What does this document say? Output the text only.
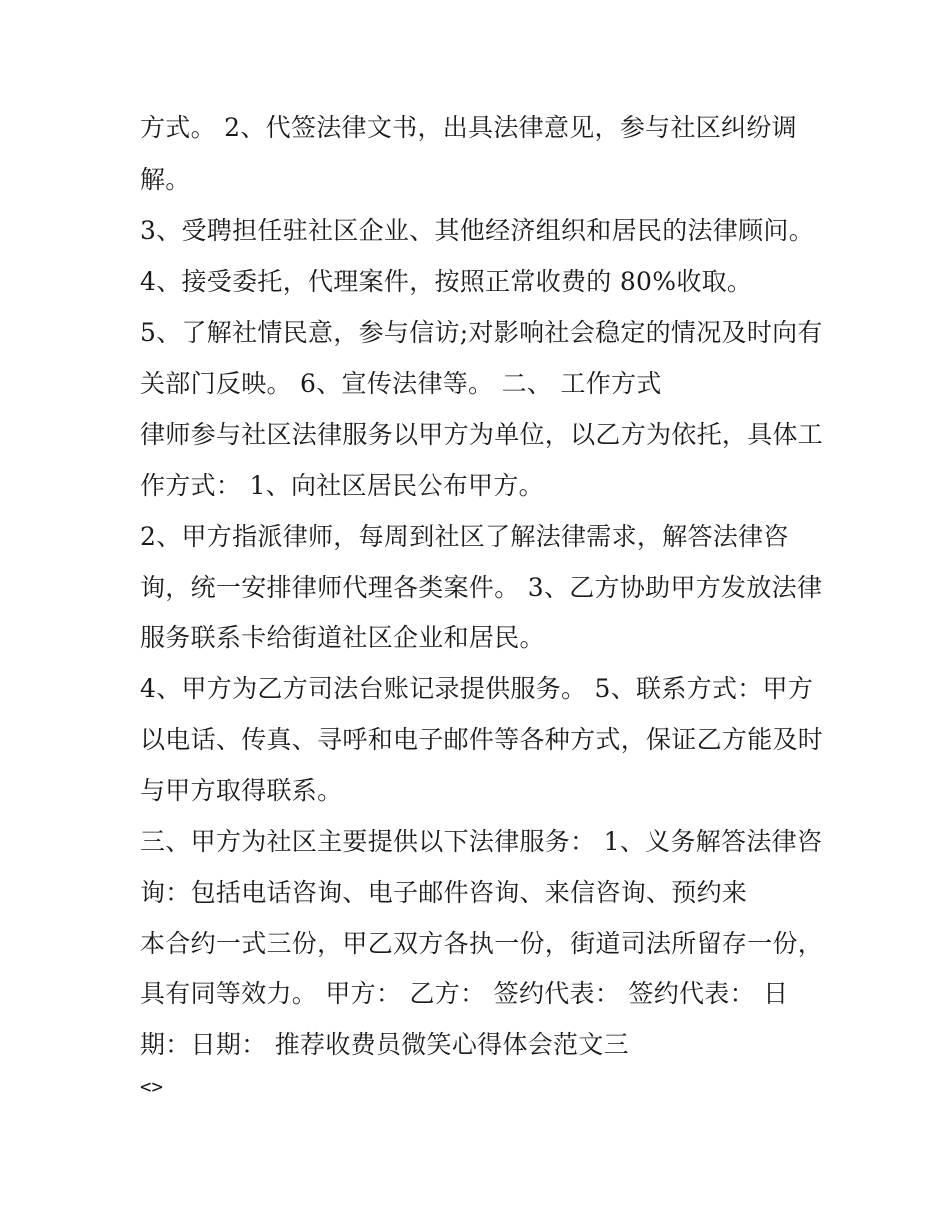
方式。 2、代签法律文书，出具法律意见，参与社区纠纷调
解。
3、受聘担任驻社区企业、其他经济组织和居民的法律顾问。
4、接受委托，代理案件，按照正常收费的 80%收取。
5、了解社情民意，参与信访;对影响社会稳定的情况及时向有
关部门反映。 6、宣传法律等。 二、 工作方式
律师参与社区法律服务以甲方为单位，以乙方为依托，具体工
作方式： 1、向社区居民公布甲方。
2、甲方指派律师，每周到社区了解法律需求，解答法律咨
询，统一安排律师代理各类案件。 3、乙方协助甲方发放法律
服务联系卡给街道社区企业和居民。
4、甲方为乙方司法台账记录提供服务。 5、联系方式：甲方
以电话、传真、寻呼和电子邮件等各种方式，保证乙方能及时
与甲方取得联系。
三、甲方为社区主要提供以下法律服务： 1、义务解答法律咨
询：包括电话咨询、电子邮件咨询、来信咨询、预约来
本合约一式三份，甲乙双方各执一份，街道司法所留存一份，
具有同等效力。 甲方： 乙方： 签约代表： 签约代表： 日
期：日期： 推荐收费员微笑心得体会范文三
<>
